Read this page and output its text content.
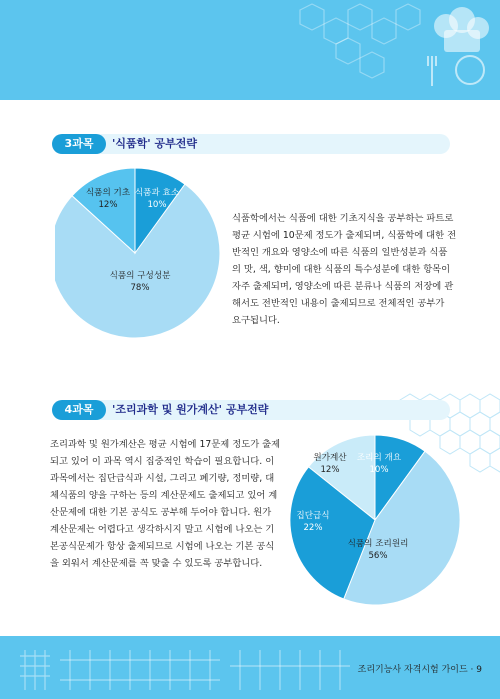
3과목	'식품학' 공부전략
식품의 기초
12%
식품과 효소
10%
식품의 구성성분
78%
식품학에서는 식품에 대한 기초지식을 공부하는 파트로
평균 시험에 10문제 정도가 출제되며, 식품학에 대한 전
반적인 개요와 영양소에 따른 식품의 일반성분과 식품
의 맛, 색, 향미에 대한 식품의 특수성분에 대한 항목이
자주 출제되며, 영양소에 따른 분류나 식품의 저장에 관
해서도 전반적인 내용이 출제되므로 전체적인 공부가
요구됩니다.
4과목	'조리과학 및 원가계산' 공부전략
조리과학 및 원가계산은 평균 시험에 17문제 정도가 출제
되고 있어 이 과목 역시 집중적인 학습이 필요합니다. 이
과목에서는 집단급식과 시설, 그리고 폐기량, 정미량, 대
체식품의 양을 구하는 등의 계산문제도 출제되고 있어 계
산문제에 대한 기본 공식도 공부해 두어야 합니다. 원가
계산문제는 어렵다고 생각하시지 말고 시험에 나오는 기
본공식문제가 항상 출제되므로 시험에 나오는 기본 공식
을 외워서 계산문제를 꼭 맞출 수 있도록 공부합니다.
원가계산
12%
조리의 개요
10%
식품의 조리원리
56%
집단급식
22%
조리기능사 자격시험 가이드 · 9
